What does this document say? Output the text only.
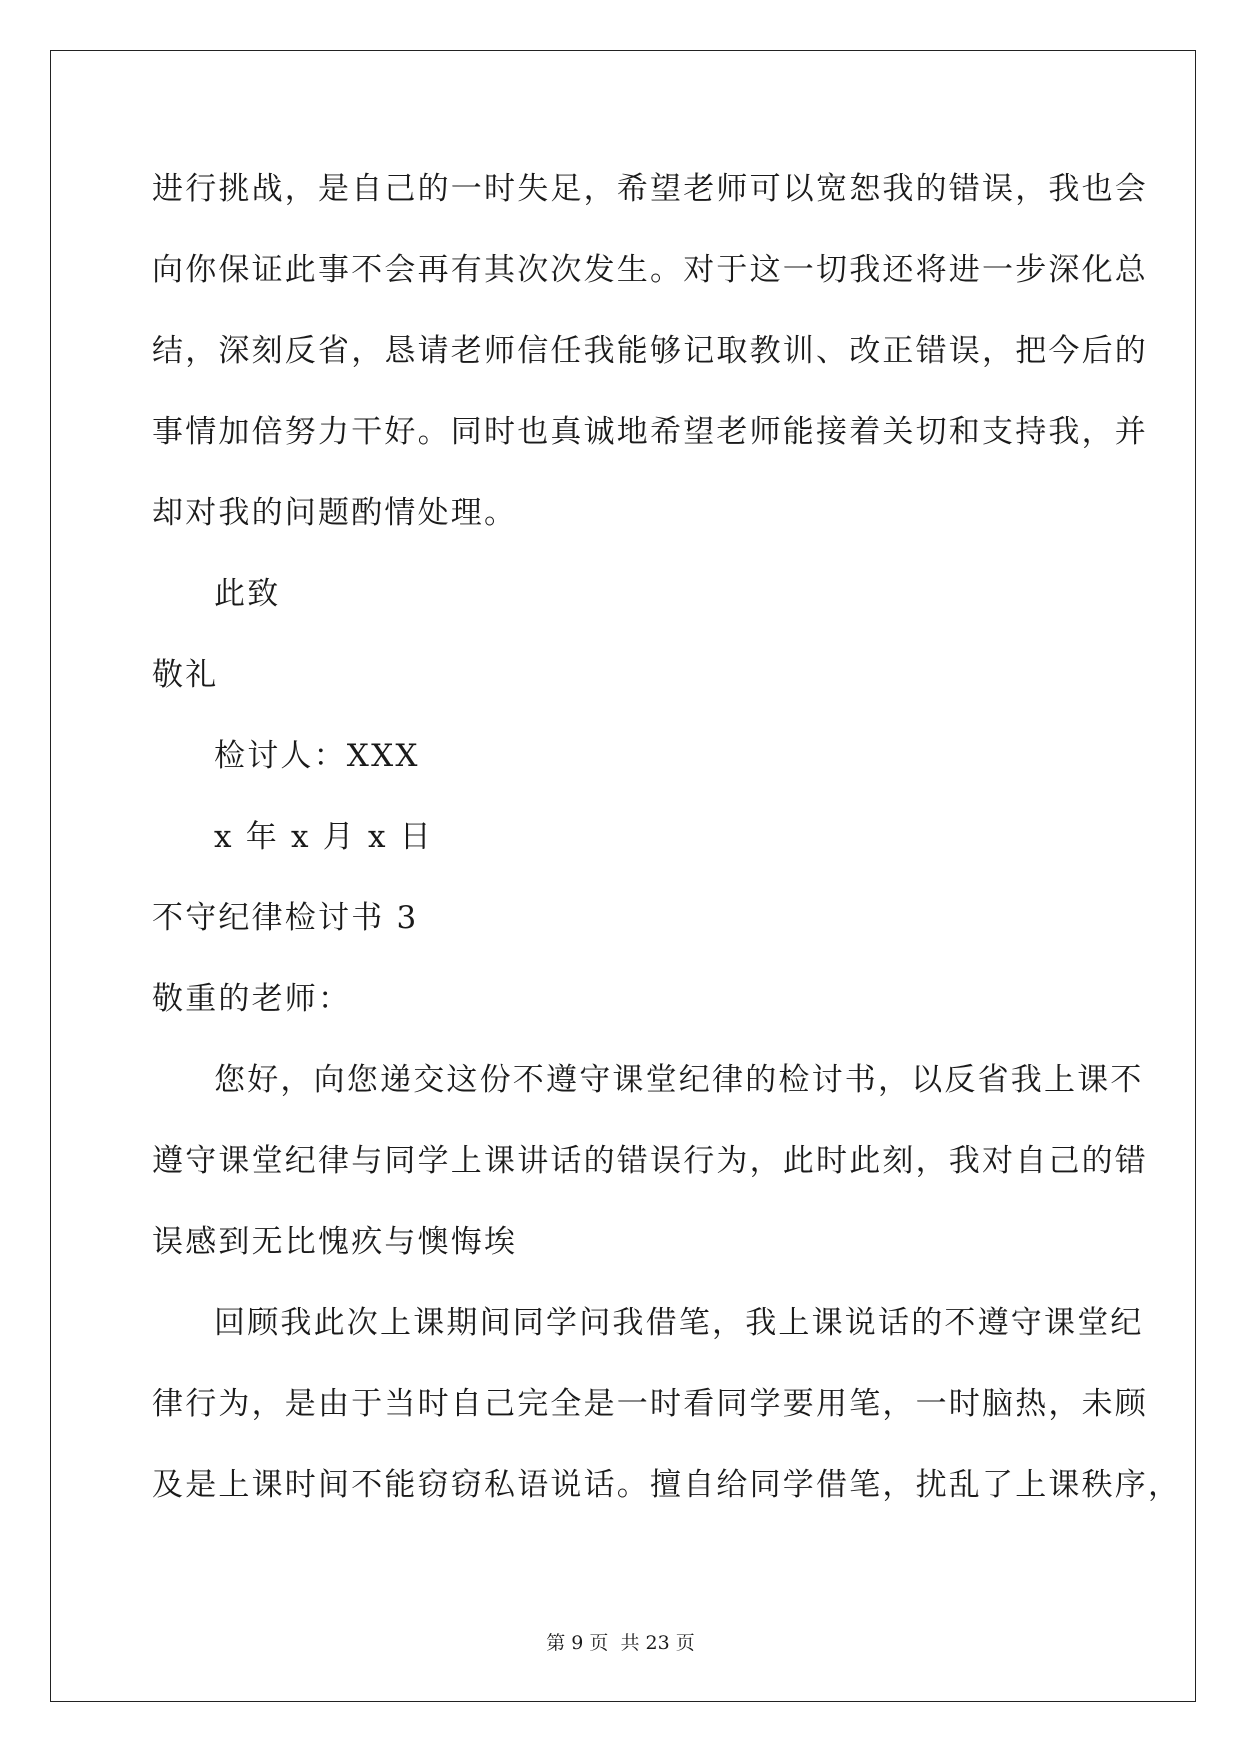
进行挑战，是自己的一时失足，希望老师可以宽恕我的错误，我也会
向你保证此事不会再有其次次发生。对于这一切我还将进一步深化总
结，深刻反省，恳请老师信任我能够记取教训、改正错误，把今后的
事情加倍努力干好。同时也真诚地希望老师能接着关切和支持我，并
却对我的问题酌情处理。
此致
敬礼
检讨人：XXX
x 年 x 月 x 日
不守纪律检讨书 3
敬重的老师：
您好，向您递交这份不遵守课堂纪律的检讨书，以反省我上课不
遵守课堂纪律与同学上课讲话的错误行为，此时此刻，我对自己的错
误感到无比愧疚与懊悔埃
回顾我此次上课期间同学问我借笔，我上课说话的不遵守课堂纪
律行为，是由于当时自己完全是一时看同学要用笔，一时脑热，未顾
及是上课时间不能窃窃私语说话。擅自给同学借笔，扰乱了上课秩序，
第 9 页 共 23 页
